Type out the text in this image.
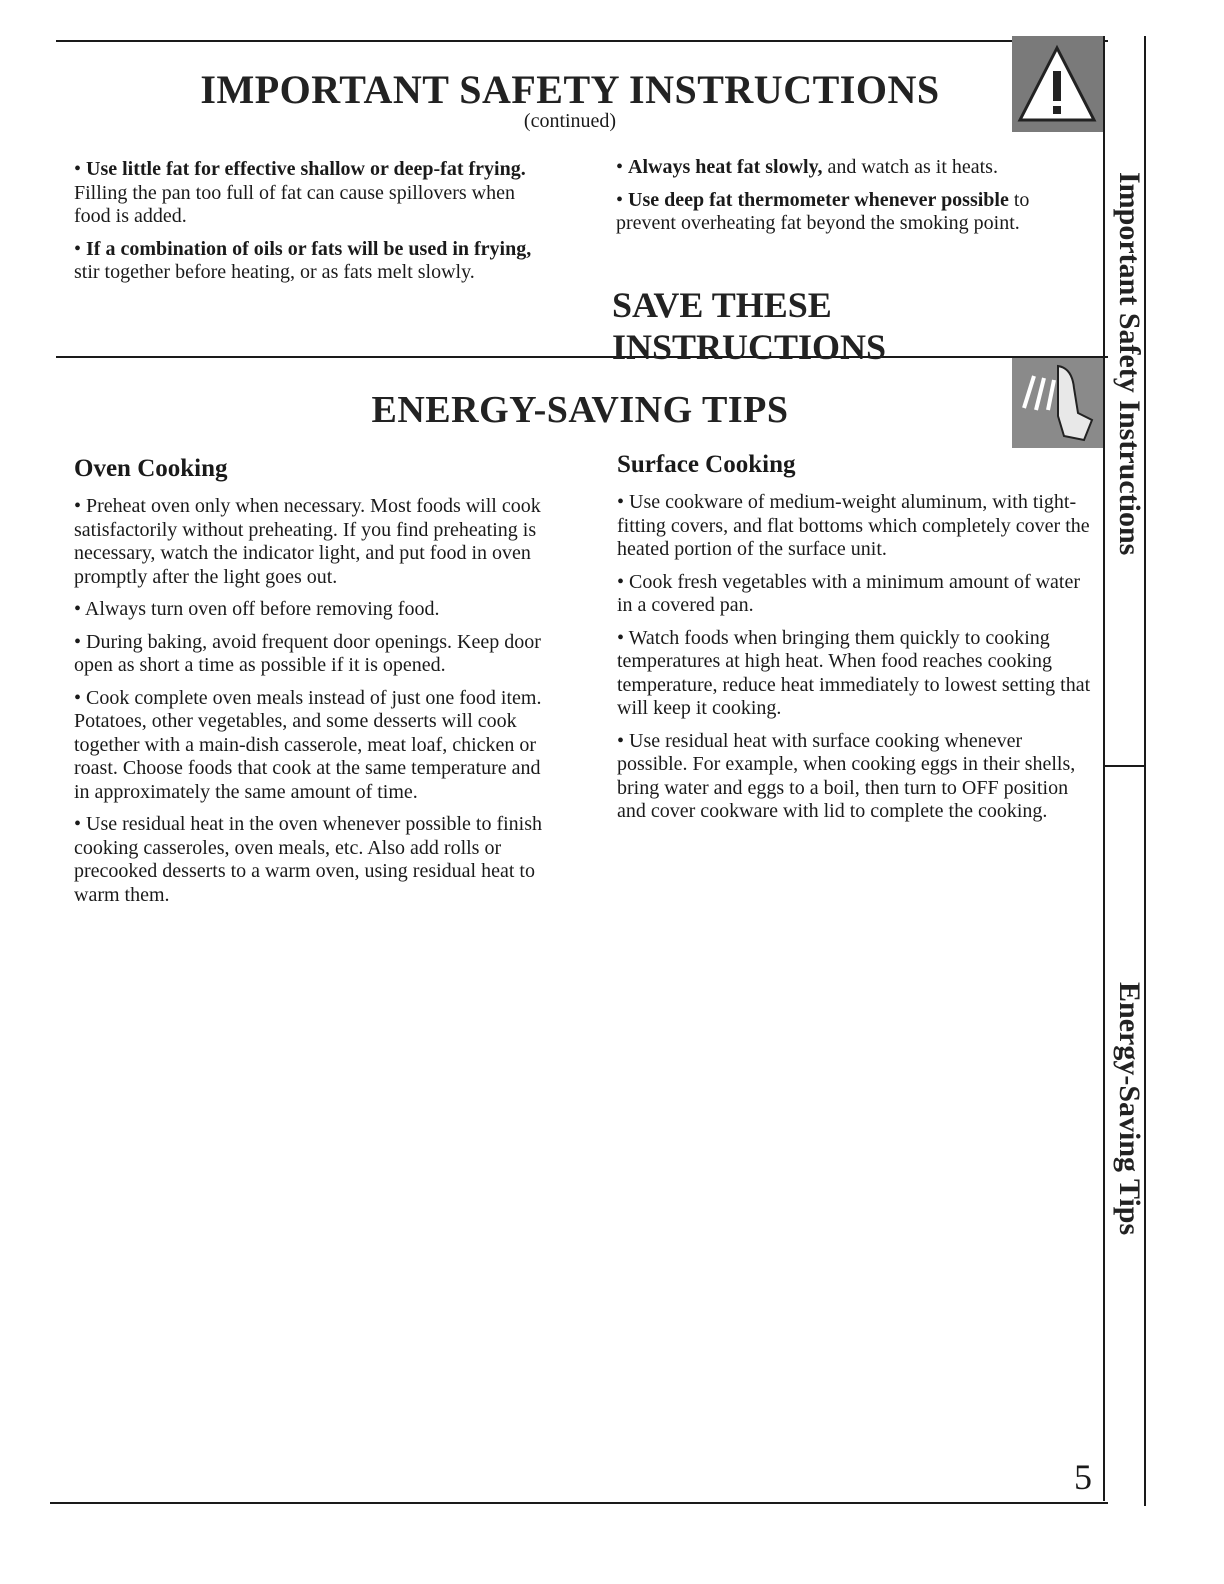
IMPORTANT SAFETY INSTRUCTIONS
(continued)

• Use little fat for effective shallow or deep-fat frying. Filling the pan too full of fat can cause spillovers when food is added.

• If a combination of oils or fats will be used in frying, stir together before heating, or as fats melt slowly.

• Always heat fat slowly, and watch as it heats.

• Use deep fat thermometer whenever possible to prevent overheating fat beyond the smoking point.

SAVE THESE INSTRUCTIONS
ENERGY-SAVING TIPS
Oven Cooking

• Preheat oven only when necessary. Most foods will cook satisfactorily without preheating. If you find preheating is necessary, watch the indicator light, and put food in oven promptly after the light goes out.

• Always turn oven off before removing food.

• During baking, avoid frequent door openings. Keep door open as short a time as possible if it is opened.

• Cook complete oven meals instead of just one food item. Potatoes, other vegetables, and some desserts will cook together with a main-dish casserole, meat loaf, chicken or roast. Choose foods that cook at the same temperature and in approximately the same amount of time.

• Use residual heat in the oven whenever possible to finish cooking casseroles, oven meals, etc. Also add rolls or precooked desserts to a warm oven, using residual heat to warm them.

Surface Cooking

• Use cookware of medium-weight aluminum, with tight-fitting covers, and flat bottoms which completely cover the heated portion of the surface unit.

• Cook fresh vegetables with a minimum amount of water in a covered pan.

• Watch foods when bringing them quickly to cooking temperatures at high heat. When food reaches cooking temperature, reduce heat immediately to lowest setting that will keep it cooking.

• Use residual heat with surface cooking whenever possible. For example, when cooking eggs in their shells, bring water and eggs to a boil, then turn to OFF position and cover cookware with lid to complete the cooking.

Important Safety Instructions
Energy-Saving Tips
5
